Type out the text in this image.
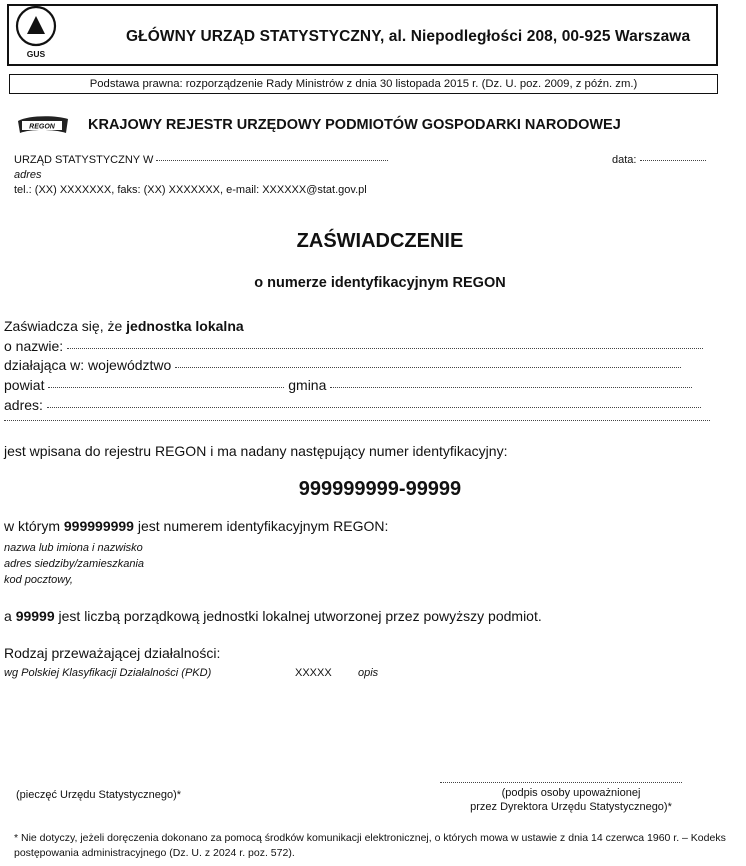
GUS
GŁÓWNY URZĄD STATYSTYCZNY, al. Niepodległości 208, 00-925 Warszawa
Podstawa prawna: rozporządzenie Rady Ministrów z dnia 30 listopada 2015 r. (Dz. U. poz. 2009, z późn. zm.)
REGON KRAJOWY REJESTR URZĘDOWY PODMIOTÓW GOSPODARKI NARODOWEJ
URZĄD STATYSTYCZNY W	data:
adres
tel.: (XX) XXXXXXX, faks: (XX) XXXXXXX, e-mail: XXXXXX@stat.gov.pl
ZAŚWIADCZENIE
o numerze identyfikacyjnym REGON
Zaświadcza się, że jednostka lokalna
o nazwie:
działająca w: województwo
powiat	gmina
adres:
jest wpisana do rejestru REGON i ma nadany następujący numer identyfikacyjny:
999999999-99999
w którym 999999999 jest numerem identyfikacyjnym REGON:
nazwa lub imiona i nazwisko
adres siedziby/zamieszkania
kod pocztowy,
a 99999 jest liczbą porządkową jednostki lokalnej utworzonej przez powyższy podmiot.
Rodzaj przeważającej działalności:
wg Polskiej Klasyfikacji Działalności (PKD)	XXXXX opis
(pieczęć Urzędu Statystycznego)*	(podpis osoby upoważnionej
przez Dyrektora Urzędu Statystycznego)*
* Nie dotyczy, jeżeli doręczenia dokonano za pomocą środków komunikacji elektronicznej, o których mowa w ustawie z dnia 14 czerwca 1960 r. – Kodeks
postępowania administracyjnego (Dz. U. z 2024 r. poz. 572).
